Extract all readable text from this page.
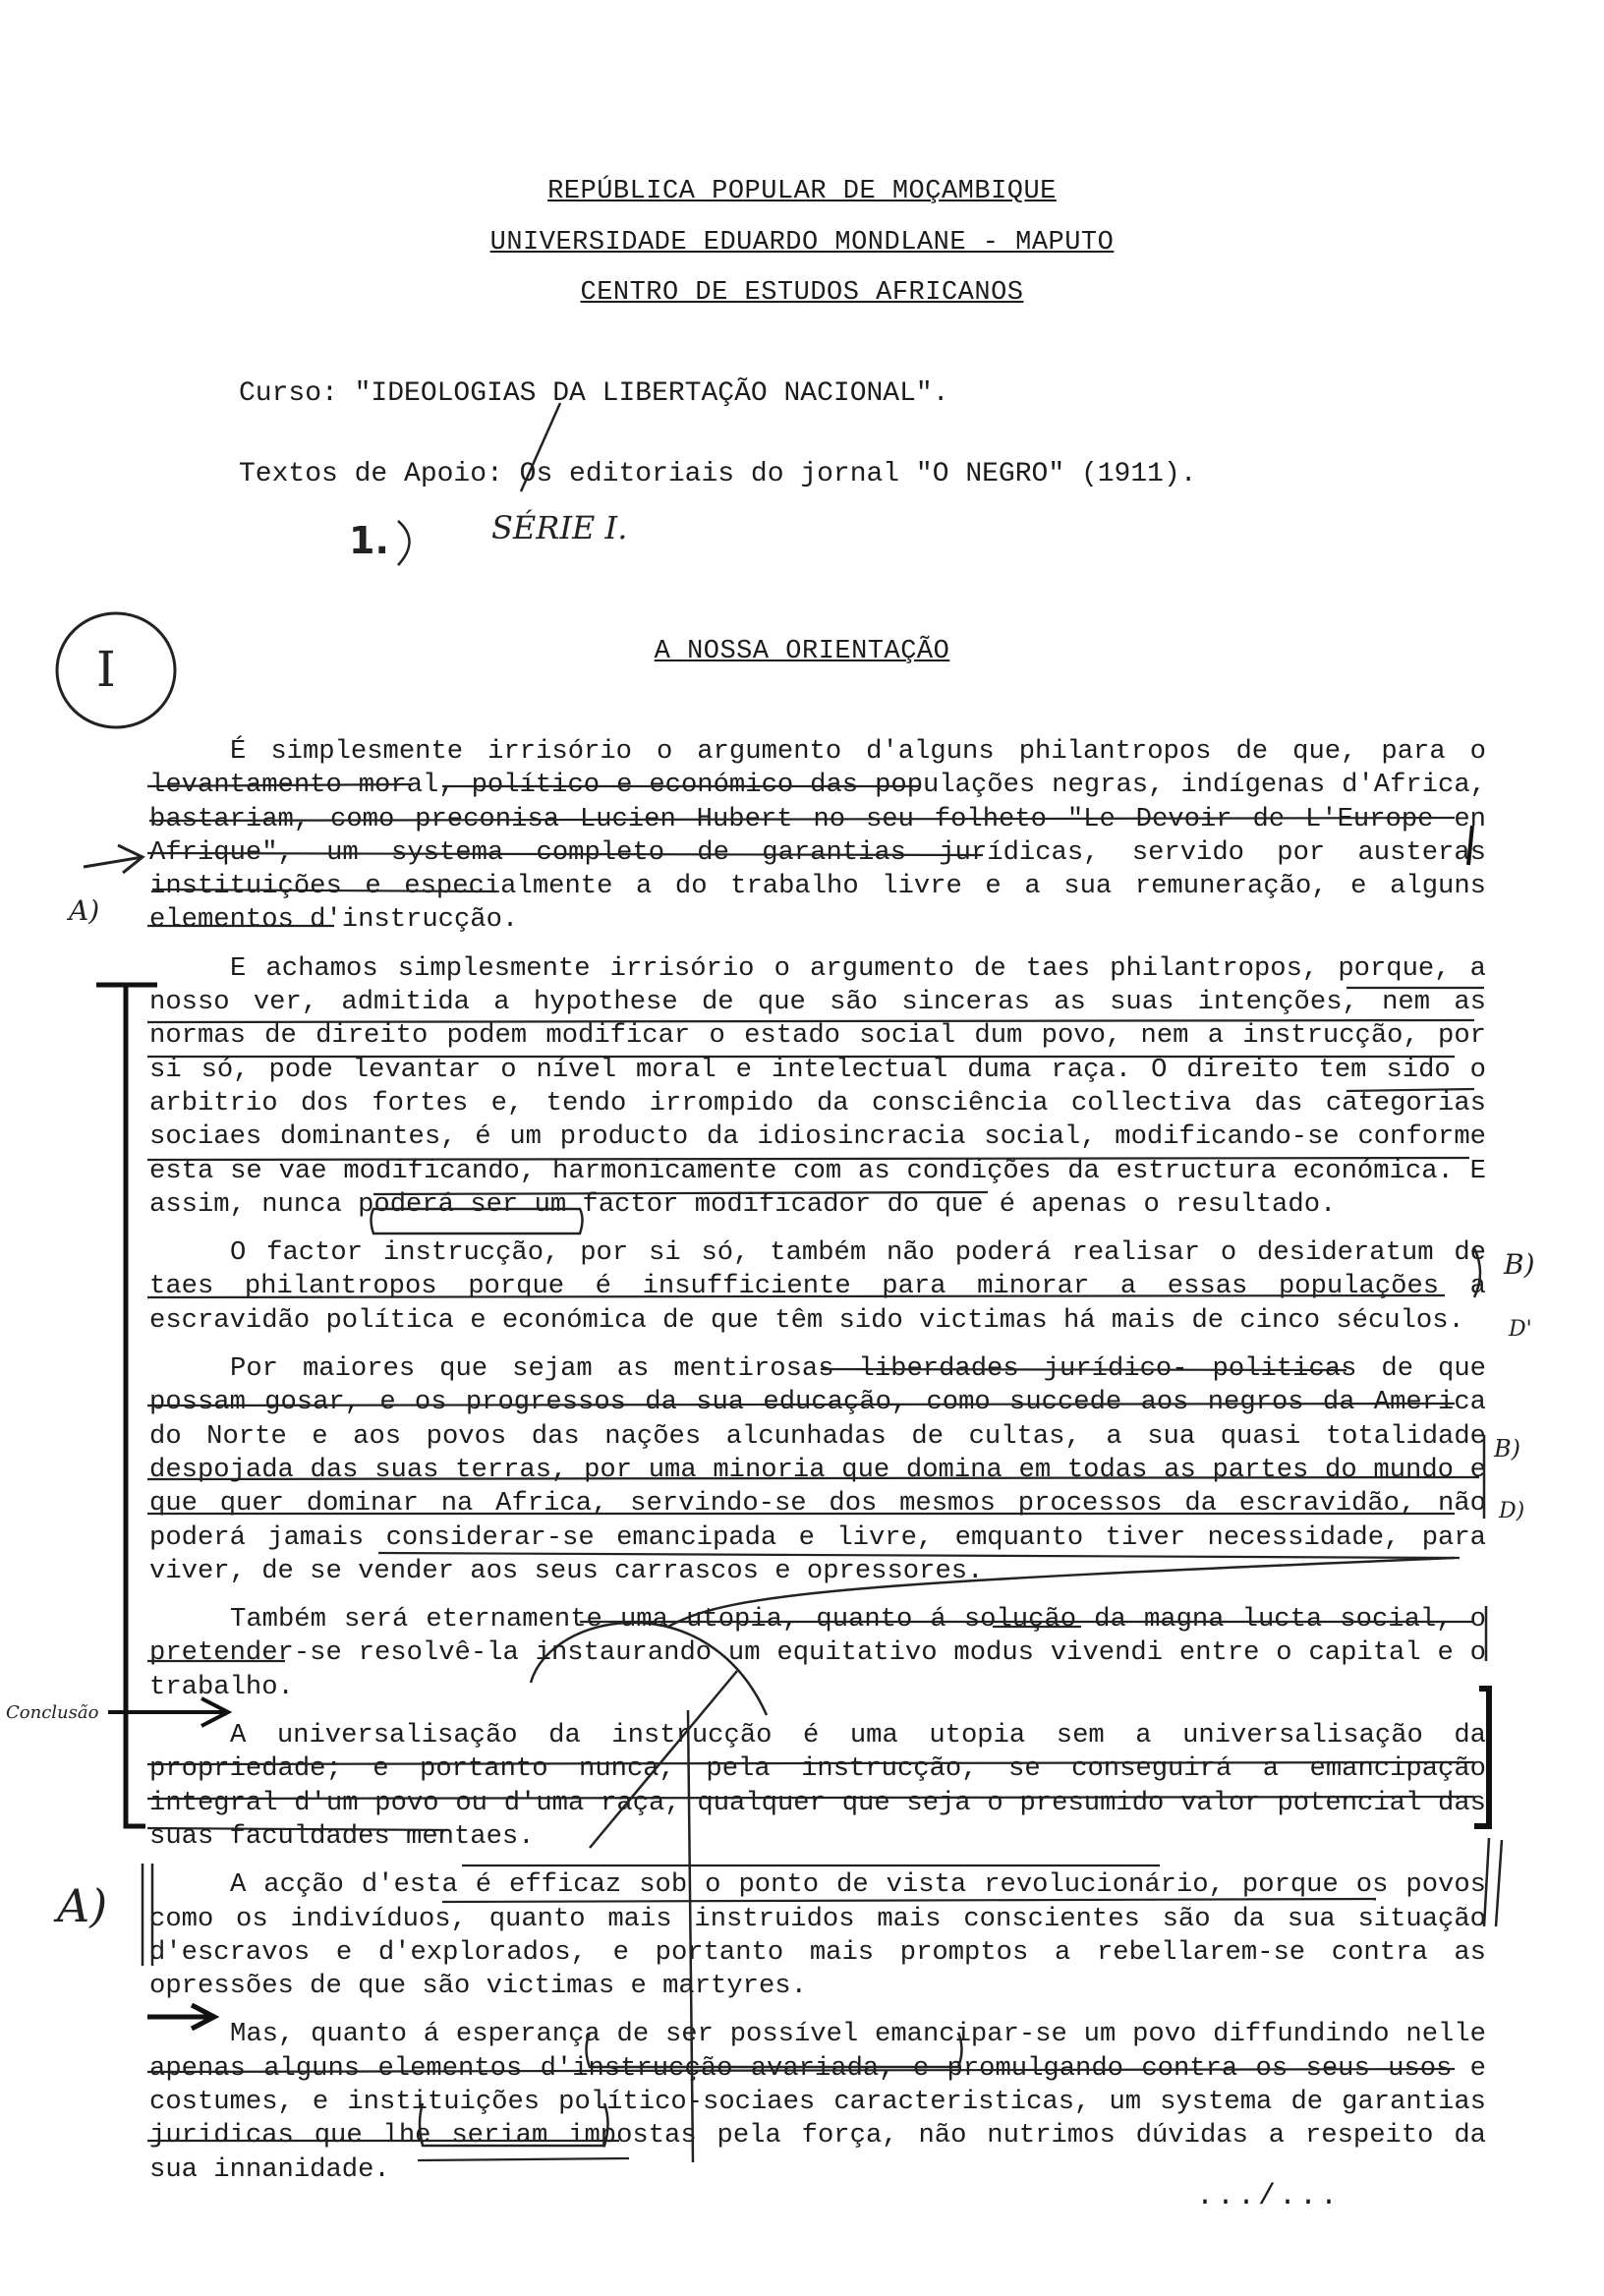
REPÚBLICA POPULAR DE MOÇAMBIQUE
UNIVERSIDADE EDUARDO MONDLANE - MAPUTO
CENTRO DE ESTUDOS AFRICANOS
Curso: "IDEOLOGIAS DA LIBERTAÇÃO NACIONAL".
Textos de Apoio: Os editoriais do jornal "O NEGRO" (1911).
1.	SÉRIE I.
I	A NOSSA ORIENTAÇÃO

É simplesmente irrisório o argumento d'alguns philantropos de que, para o levantamento moral, político e económico das populações negras, indígenas d'Africa, bastariam, como preconisa Lucien Hubert no seu folheto "Le Devoir de L'Europe en Afrique", um systema completo de garantias jurídicas, servido por austeras instituições e especialmente a do trabalho livre e a sua remuneração, e alguns elementos d'instrucção.

E achamos simplesmente irrisório o argumento de taes philantropos, porque, a nosso ver, admitida a hypothese de que são sinceras as suas intenções, nem as normas de direito podem modificar o estado social dum povo, nem a instrucção, por si só, pode levantar o nível moral e intelectual duma raça. O direito tem sido o arbitrio dos fortes e, tendo irrompido da consciência collectiva das categorias sociaes dominantes, é um producto da idiosincracia social, modificando-se conforme esta se vae modificando, harmonicamente com as condições da estructura económica. E assim, nunca poderá ser um factor modificador do que é apenas o resultado.

O factor instrucção, por si só, também não poderá realisar o desideratum de taes philantropos porque é insufficiente para minorar a essas populações a escravidão política e económica de que têm sido victimas há mais de cinco séculos.

Por maiores que sejam as mentirosas liberdades jurídico- politicas de que possam gosar, e os progressos da sua educação, como succede aos negros da America do Norte e aos povos das nações alcunhadas de cultas, a sua quasi totalidade despojada das suas terras, por uma minoria que domina em todas as partes do mundo e que quer dominar na Africa, servindo-se dos mesmos processos da escravidão, não poderá jamais considerar-se emancipada e livre, emquanto tiver necessidade, para viver, de se vender aos seus carrascos e opressores.

Também será eternamente uma utopia, quanto á solução da magna lucta social, o pretender-se resolvê-la instaurando um equitativo modus vivendi entre o capital e o trabalho.

A universalisação da instrucção é uma utopia sem a universalisação da propriedade; e portanto nunca, pela instrucção, se conseguirá a emancipação integral d'um povo ou d'uma raça, qualquer que seja o presumido valor potencial das suas faculdades mentaes.

A acção d'esta é efficaz sob o ponto de vista revolucionário, porque os povos como os indivíduos, quanto mais instruidos mais conscientes são da sua situação d'escravos e d'explorados, e portanto mais promptos a rebellarem-se contra as opressões de que são victimas e martyres.

Mas, quanto á esperança de ser possível emancipar-se um povo diffundindo nelle apenas alguns elementos d'instrucção avariada, e promulgando contra os seus usos e costumes, e instituições político-sociaes caracteristicas, um systema de garantias juridicas que lhe seriam impostas pela força, não nutrimos dúvidas a respeito da sua innanidade.

A)
B)
D'
B)
D)
Conclusão
A)
.../...
